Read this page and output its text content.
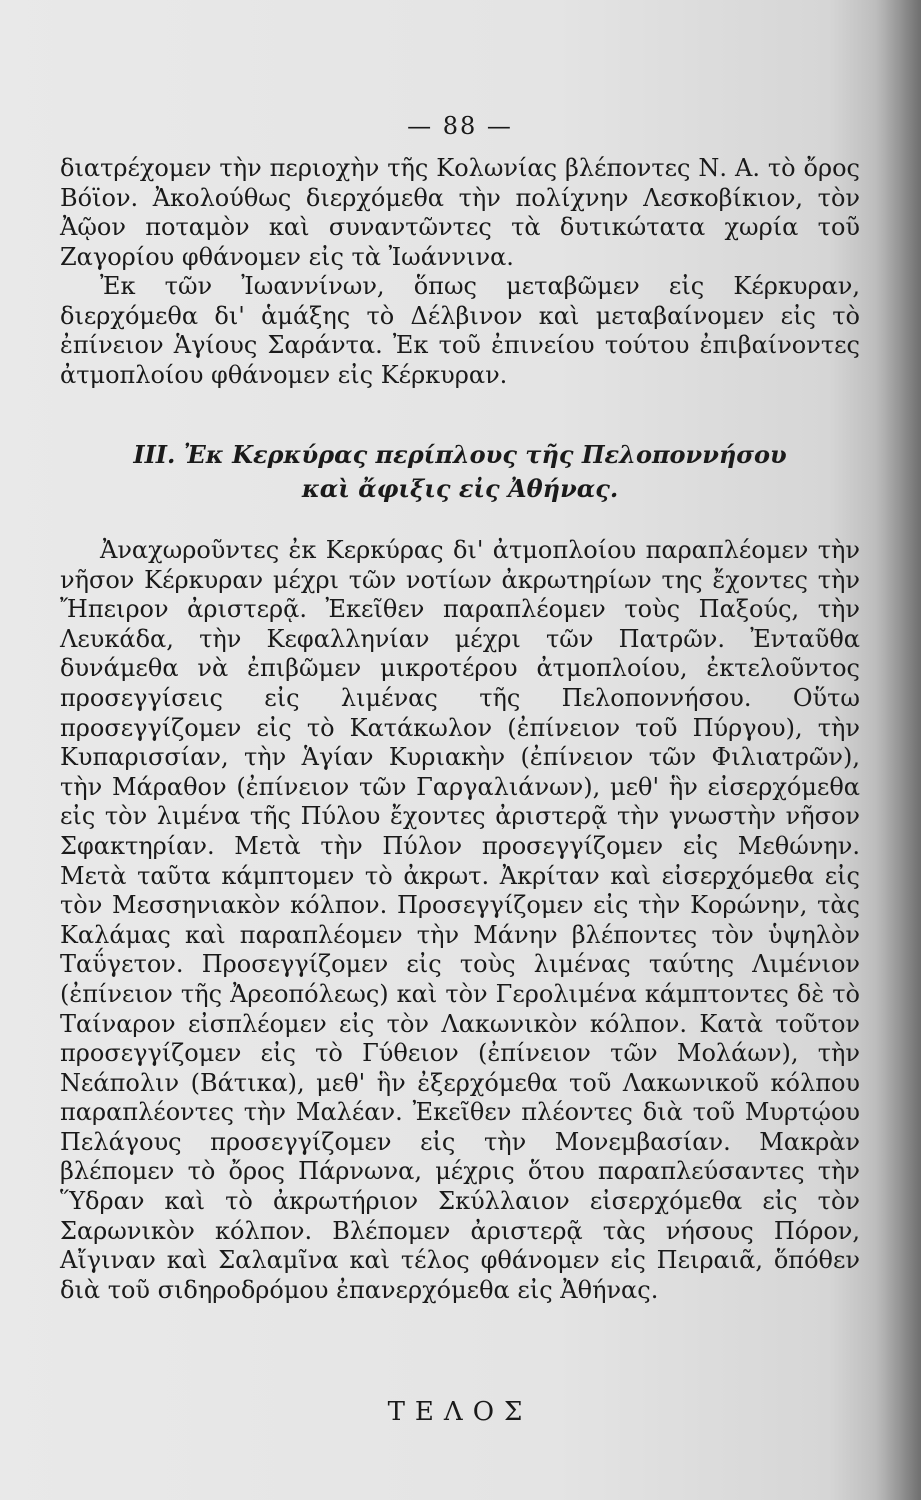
— 88 —

διατρέχομεν τὴν περιοχὴν τῆς Κολωνίας βλέποντες Ν. Α. τὸ ὄρος Βόϊον. Ἀκολούθως διερχόμεθα τὴν πολίχνην Λεσκοβίκιον, τὸν Ἀῷον ποταμὸν καὶ συναντῶντες τὰ δυτικώτατα χωρία τοῦ Ζαγορίου φθάνομεν εἰς τὰ Ἰωάννινα.

Ἐκ τῶν Ἰωαννίνων, ὅπως μεταβῶμεν εἰς Κέρκυραν, διερχόμεθα δι' ἁμάξης τὸ Δέλβινον καὶ μεταβαίνομεν εἰς τὸ ἐπίνειον Ἁγίους Σαράντα. Ἐκ τοῦ ἐπινείου τούτου ἐπιβαίνοντες ἀτμοπλοίου φθάνομεν εἰς Κέρκυραν.

ΙΙΙ. Ἐκ Κερκύρας περίπλους τῆς Πελοποννήσου
καὶ ἄφιξις εἰς Ἀθήνας.

Ἀναχωροῦντες ἐκ Κερκύρας δι' ἀτμοπλοίου παραπλέομεν τὴν νῆσον Κέρκυραν μέχρι τῶν νοτίων ἀκρωτηρίων της ἔχοντες τὴν Ἤπειρον ἀριστερᾷ. Ἐκεῖθεν παραπλέομεν τοὺς Παξούς, τὴν Λευκάδα, τὴν Κεφαλληνίαν μέχρι τῶν Πατρῶν. Ἐνταῦθα δυνάμεθα νὰ ἐπιβῶμεν μικροτέρου ἀτμοπλοίου, ἐκτελοῦντος προσεγγίσεις εἰς λιμένας τῆς Πελοποννήσου. Οὕτω προσεγγίζομεν εἰς τὸ Κατάκωλον (ἐπίνειον τοῦ Πύργου), τὴν Κυπαρισσίαν, τὴν Ἁγίαν Κυριακὴν (ἐπίνειον τῶν Φιλιατρῶν), τὴν Μάραθον (ἐπίνειον τῶν Γαργαλιάνων), μεθ' ἣν εἰσερχόμεθα εἰς τὸν λιμένα τῆς Πύλου ἔχοντες ἀριστερᾷ τὴν γνωστὴν νῆσον Σφακτηρίαν. Μετὰ τὴν Πύλον προσεγγίζομεν εἰς Μεθώνην. Μετὰ ταῦτα κάμπτομεν τὸ ἀκρωτ. Ἀκρίταν καὶ εἰσερχόμεθα εἰς τὸν Μεσσηνιακὸν κόλπον. Προσεγγίζομεν εἰς τὴν Κορώνην, τὰς Καλάμας καὶ παραπλέομεν τὴν Μάνην βλέποντες τὸν ὑψηλὸν Ταΰγετον. Προσεγγίζομεν εἰς τοὺς λιμένας ταύτης Λιμένιον (ἐπίνειον τῆς Ἀρεοπόλεως) καὶ τὸν Γερολιμένα κάμπτοντες δὲ τὸ Ταίναρον εἰσπλέομεν εἰς τὸν Λακωνικὸν κόλπον. Κατὰ τοῦτον προσεγγίζομεν εἰς τὸ Γύθειον (ἐπίνειον τῶν Μολάων), τὴν Νεάπολιν (Βάτικα), μεθ' ἣν ἐξερχόμεθα τοῦ Λακωνικοῦ κόλπου παραπλέοντες τὴν Μαλέαν. Ἐκεῖθεν πλέοντες διὰ τοῦ Μυρτῴου Πελάγους προσεγγίζομεν εἰς τὴν Μονεμβασίαν. Μακρὰν βλέπομεν τὸ ὄρος Πάρνωνα, μέχρις ὅτου παραπλεύσαντες τὴν Ὕδραν καὶ τὸ ἀκρωτήριον Σκύλλαιον εἰσερχόμεθα εἰς τὸν Σαρωνικὸν κόλπον. Βλέπομεν ἀριστερᾷ τὰς νήσους Πόρον, Αἴγιναν καὶ Σαλαμῖνα καὶ τέλος φθάνομεν εἰς Πειραιᾶ, ὅπόθεν διὰ τοῦ σιδηροδρόμου ἐπανερχόμεθα εἰς Ἀθήνας.

ΤΕΛΟΣ
